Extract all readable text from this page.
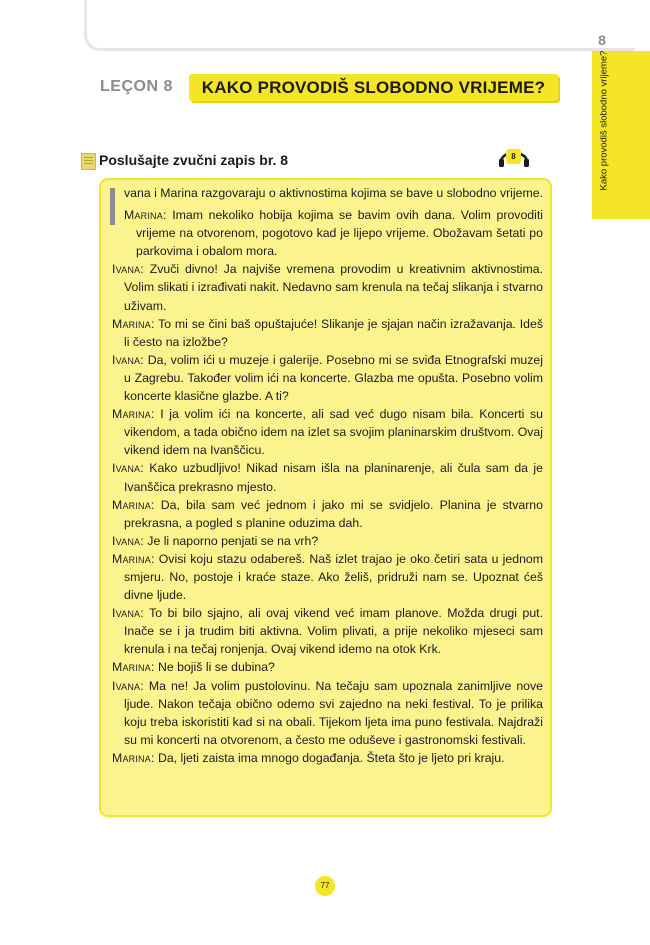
LEÇON 8 KAKO PROVODIŠ SLOBODNO VRIJEME?
8
Kako provodiš slobodno vrijeme?
Poslušajte zvučni zapis br. 8	8
vana i Marina razgovaraju o aktivnostima kojima se bave u slobodno vrijeme.
Marina: Imam nekoliko hobija kojima se bavim ovih dana. Volim provoditi vrijeme na otvorenom, pogotovo kad je lijepo vrijeme. Obožavam šetati po parkovima i obalom mora.
Ivana: Zvuči divno! Ja najviše vremena provodim u kreativnim aktivnostima. Volim slikati i izrađivati nakit. Nedavno sam krenula na tečaj slikanja i stvarno uživam.
Marina: To mi se čini baš opuštajuće! Slikanje je sjajan način izražavanja. Ideš li često na izložbe?
Ivana: Da, volim ići u muzeje i galerije. Posebno mi se sviđa Etnografski muzej u Zagrebu. Također volim ići na koncerte. Glazba me opušta. Posebno volim koncerte klasične glazbe. A ti?
Marina: I ja volim ići na koncerte, ali sad već dugo nisam bila. Koncerti su vikendom, a tada obično idem na izlet sa svojim planinarskim društvom. Ovaj vikend idem na Ivanščicu.
Ivana: Kako uzbudljivo! Nikad nisam išla na planinarenje, ali čula sam da je Ivanščica prekrasno mjesto.
Marina: Da, bila sam već jednom i jako mi se svidjelo. Planina je stvarno prekrasna, a pogled s planine oduzima dah.
Ivana: Je li naporno penjati se na vrh?
Marina: Ovisi koju stazu odabereš. Naš izlet trajao je oko četiri sata u jednom smjeru. No, postoje i kraće staze. Ako želiš, pridruži nam se. Upoznat ćeš divne ljude.
Ivana: To bi bilo sjajno, ali ovaj vikend već imam planove. Možda drugi put. Inače se i ja trudim biti aktivna. Volim plivati, a prije nekoliko mjeseci sam krenula i na tečaj ronjenja. Ovaj vikend idemo na otok Krk.
Marina: Ne bojiš li se dubina?
Ivana: Ma ne! Ja volim pustolovinu. Na tečaju sam upoznala zanimljive nove ljude. Nakon tečaja obično odemo svi zajedno na neki festival. To je prilika koju treba iskoristiti kad si na obali. Tijekom ljeta ima puno festivala. Najdraži su mi koncerti na otvorenom, a često me oduševe i gastronomski festivali.
Marina: Da, ljeti zaista ima mnogo događanja. Šteta što je ljeto pri kraju.
77
